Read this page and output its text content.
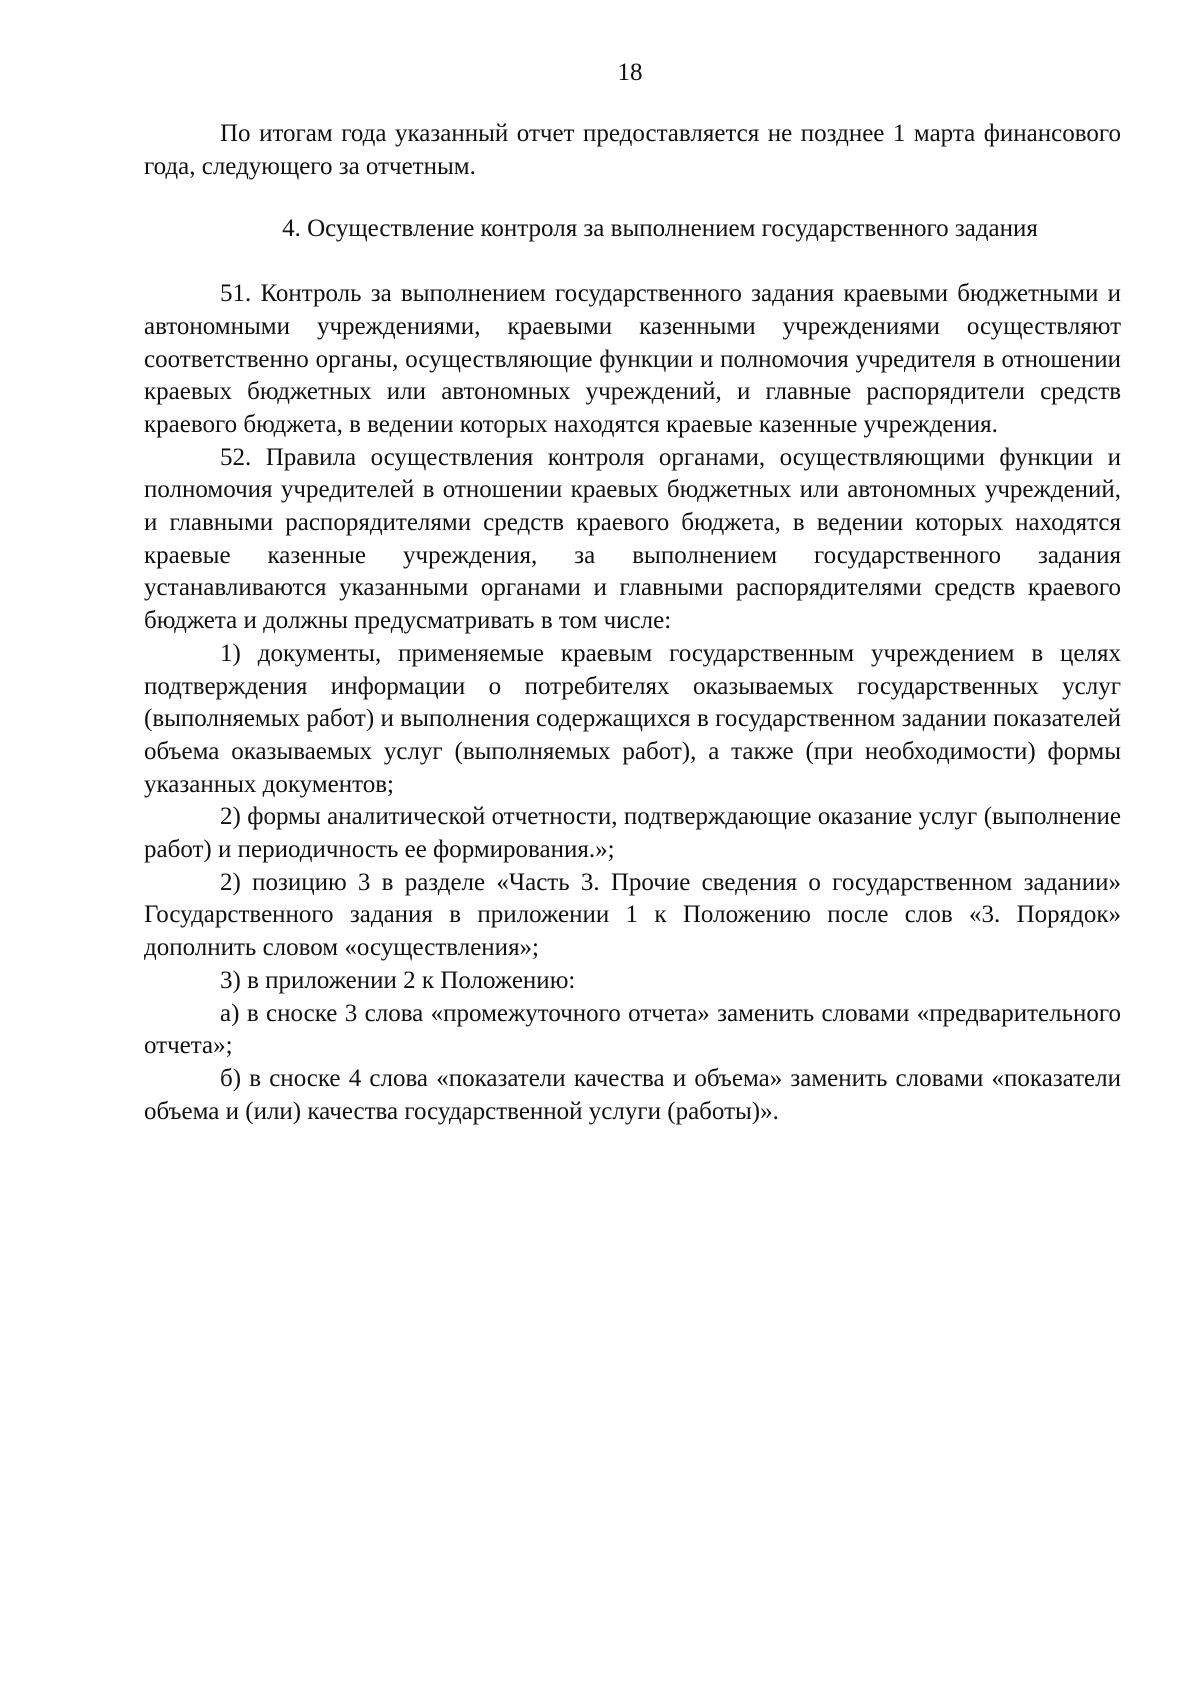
18

По итогам года указанный отчет предоставляется не позднее 1 марта финансового года, следующего за отчетным.

4. Осуществление контроля за выполнением государственного задания

51. Контроль за выполнением государственного задания краевыми бюджетными и автономными учреждениями, краевыми казенными учреждениями осуществляют соответственно органы, осуществляющие функции и полномочия учредителя в отношении краевых бюджетных или автономных учреждений, и главные распорядители средств краевого бюджета, в ведении которых находятся краевые казенные учреждения.

52. Правила осуществления контроля органами, осуществляющими функции и полномочия учредителей в отношении краевых бюджетных или автономных учреждений, и главными распорядителями средств краевого бюджета, в ведении которых находятся краевые казенные учреждения, за выполнением государственного задания устанавливаются указанными органами и главными распорядителями средств краевого бюджета и должны предусматривать в том числе:

1) документы, применяемые краевым государственным учреждением в целях подтверждения информации о потребителях оказываемых государственных услуг (выполняемых работ) и выполнения содержащихся в государственном задании показателей объема оказываемых услуг (выполняемых работ), а также (при необходимости) формы указанных документов;

2) формы аналитической отчетности, подтверждающие оказание услуг (выполнение работ) и периодичность ее формирования.»;

2) позицию 3 в разделе «Часть 3. Прочие сведения о государственном задании» Государственного задания в приложении 1 к Положению после слов «3. Порядок» дополнить словом «осуществления»;

3) в приложении 2 к Положению:

а) в сноске 3 слова «промежуточного отчета» заменить словами «предварительного отчета»;

б) в сноске 4 слова «показатели качества и объема» заменить словами «показатели объема и (или) качества государственной услуги (работы)».
